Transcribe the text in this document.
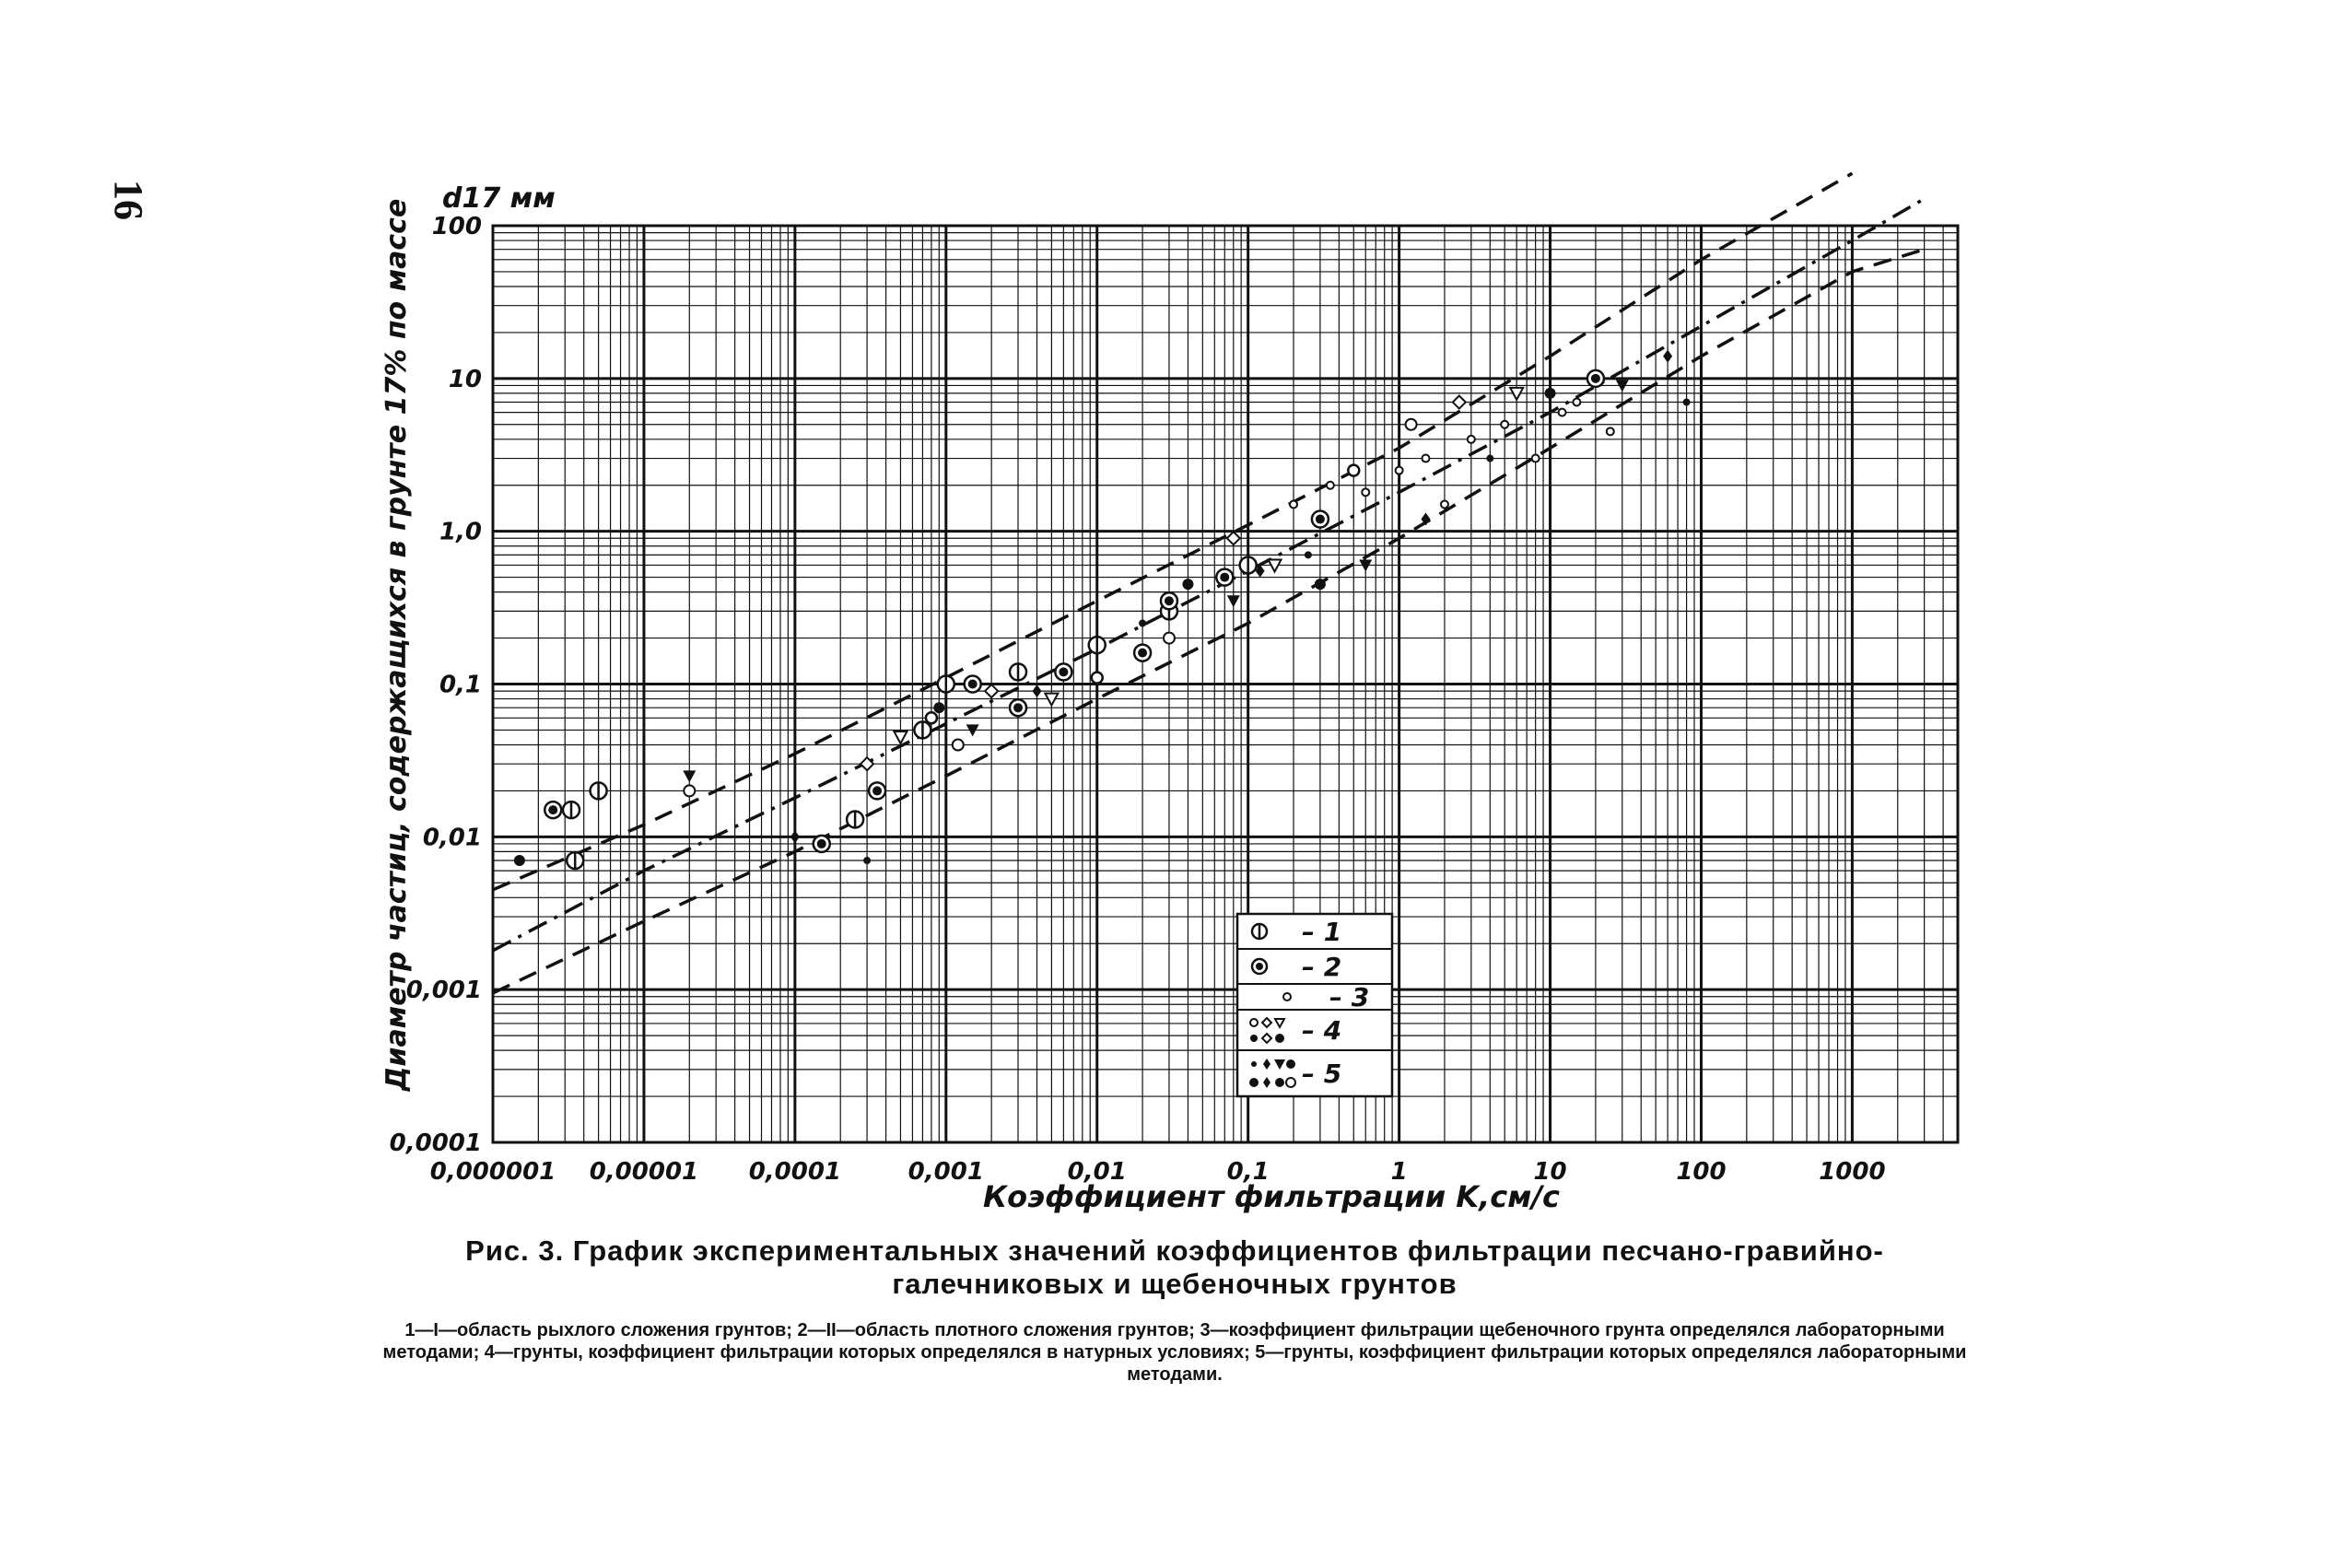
16
0,000001 0,00001 0,0001	0,001	0,01	0,1	1	10	100	1000
0,0001
0,001
0,01
0,1
1,0
10
100
– 1
– 2
– 3
– 4
– 5
d17 мм
Диаметр частиц, содержащихся в грунте 17% по массе
Коэффициент фильтрации K,см/с
Рис. 3. График экспериментальных значений коэффициентов фильтрации песчано-гравийно-галечниковых и щебеночных грунтов
1—I—область рыхлого сложения грунтов; 2—II—область плотного сложения грунтов; 3—коэффициент фильтрации щебеночного грунта определялся лабораторными методами; 4—грунты, коэффициент фильтрации которых определялся в натурных условиях; 5—грунты, коэффициент фильтрации которых определялся лабораторными методами.
